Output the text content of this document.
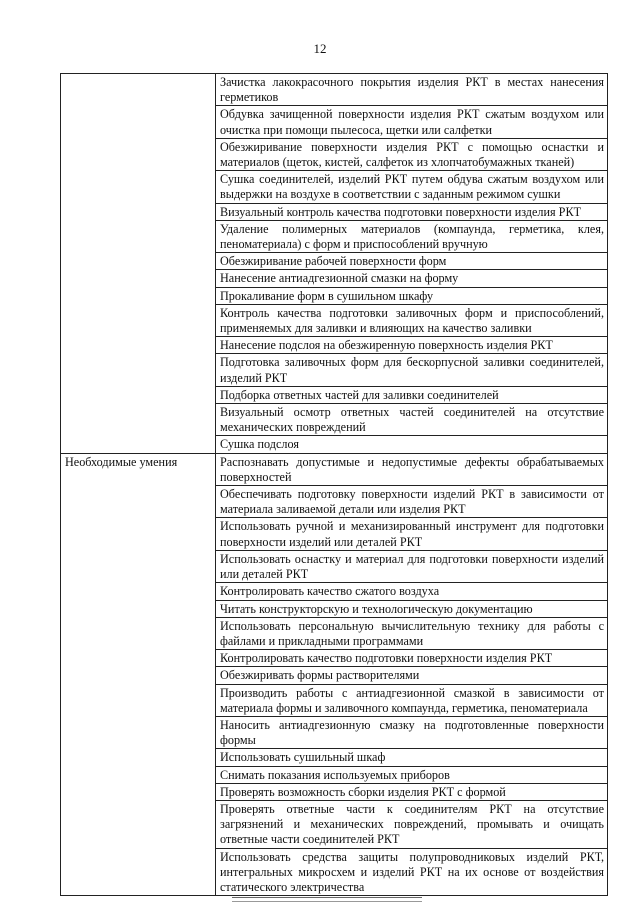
12
	Зачистка лакокрасочного покрытия изделия РКТ в местах нанесения герметиков
	Обдувка зачищенной поверхности изделия РКТ сжатым воздухом или очистка при помощи пылесоса, щетки или салфетки
	Обезжиривание поверхности изделия РКТ с помощью оснастки и материалов (щеток, кистей, салфеток из хлопчатобумажных тканей)
	Сушка соединителей, изделий РКТ путем обдува сжатым воздухом или выдержки на воздухе в соответствии с заданным режимом сушки
	Визуальный контроль качества подготовки поверхности изделия РКТ
	Удаление полимерных материалов (компаунда, герметика, клея, пеноматериала) с форм и приспособлений вручную
	Обезжиривание рабочей поверхности форм
	Нанесение антиадгезионной смазки на форму
	Прокаливание форм в сушильном шкафу
	Контроль качества подготовки заливочных форм и приспособлений, применяемых для заливки и влияющих на качество заливки
	Нанесение подслоя на обезжиренную поверхность изделия РКТ
	Подготовка заливочных форм для бескорпусной заливки соединителей, изделий РКТ
	Подборка ответных частей для заливки соединителей
	Визуальный осмотр ответных частей соединителей на отсутствие механических повреждений
	Сушка подслоя
Необходимые умения	Распознавать допустимые и недопустимые дефекты обрабатываемых поверхностей
	Обеспечивать подготовку поверхности изделий РКТ в зависимости от материала заливаемой детали или изделия РКТ
	Использовать ручной и механизированный инструмент для подготовки поверхности изделий или деталей РКТ
	Использовать оснастку и материал для подготовки поверхности изделий или деталей РКТ
	Контролировать качество сжатого воздуха
	Читать конструкторскую и технологическую документацию
	Использовать персональную вычислительную технику для работы с файлами и прикладными программами
	Контролировать качество подготовки поверхности изделия РКТ
	Обезжиривать формы растворителями
	Производить работы с антиадгезионной смазкой в зависимости от материала формы и заливочного компаунда, герметика, пеноматериала
	Наносить антиадгезионную смазку на подготовленные поверхности формы
	Использовать сушильный шкаф
	Снимать показания используемых приборов
	Проверять возможность сборки изделия РКТ с формой
	Проверять ответные части к соединителям РКТ на отсутствие загрязнений и механических повреждений, промывать и очищать ответные части соединителей РКТ
	Использовать средства защиты полупроводниковых изделий РКТ, интегральных микросхем и изделий РКТ на их основе от воздействия статического электричества
